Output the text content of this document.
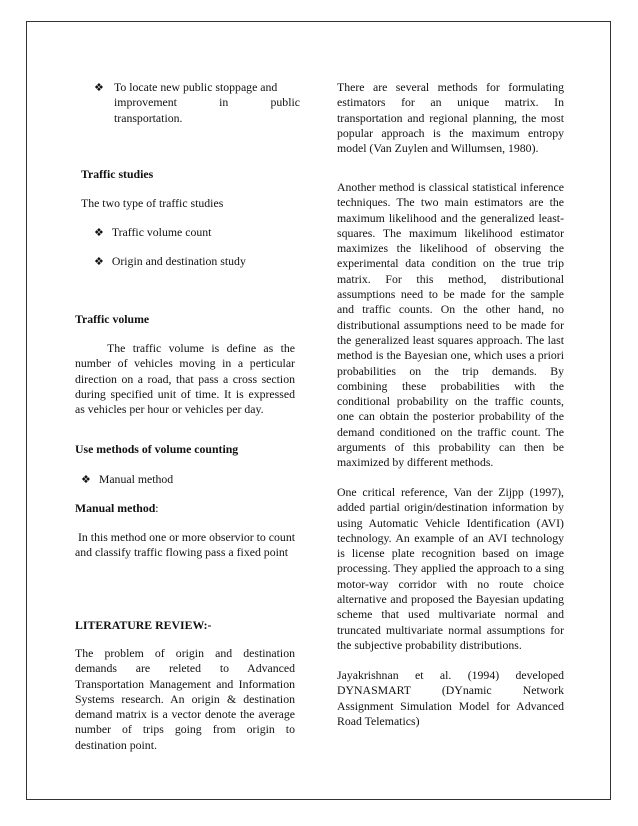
❖ To locate new public stoppage and
improvement	in	public
transportation.
Traffic studies
The two type of traffic studies
❖ Traffic volume count
❖ Origin and destination study
Traffic volume

The traffic volume is define as the number of vehicles moving in a perticular direction on a road, that pass a cross section during specified unit of time. It is expressed as vehicles per hour or vehicles per day.

Use methods of volume counting
❖ Manual method
Manual method:

In this method one or more observior to count and classify traffic flowing pass a fixed point

LITERATURE REVIEW:-

The problem of origin and destination demands are releted to Advanced Transportation Management and Information Systems research. An origin & destination demand matrix is a vector denote the average number of trips going from origin to destination point.

There are several methods for formulating estimators for an unique matrix. In transportation and regional planning, the most popular approach is the maximum entropy model (Van Zuylen and Willumsen, 1980).

Another method is classical statistical inference techniques. The two main estimators are the maximum likelihood and the generalized least-squares. The maximum likelihood estimator maximizes the likelihood of observing the experimental data condition on the true trip matrix. For this method, distributional assumptions need to be made for the sample and traffic counts. On the other hand, no distributional assumptions need to be made for the generalized least squares approach. The last method is the Bayesian one, which uses a priori probabilities on the trip demands. By combining these probabilities with the conditional probability on the traffic counts, one can obtain the posterior probability of the demand conditioned on the traffic count. The arguments of this probability can then be maximized by different methods.

One critical reference, Van der Zijpp (1997), added partial origin/destination information by using Automatic Vehicle Identification (AVI) technology. An example of an AVI technology is license plate recognition based on image processing. They applied the approach to a sing motor-way corridor with no route choice alternative and proposed the Bayesian updating scheme that used multivariate normal and truncated multivariate normal assumptions for the subjective probability distributions.

Jayakrishnan et al. (1994) developed DYNASMART (DYnamic Network Assignment Simulation Model for Advanced Road Telematics)
